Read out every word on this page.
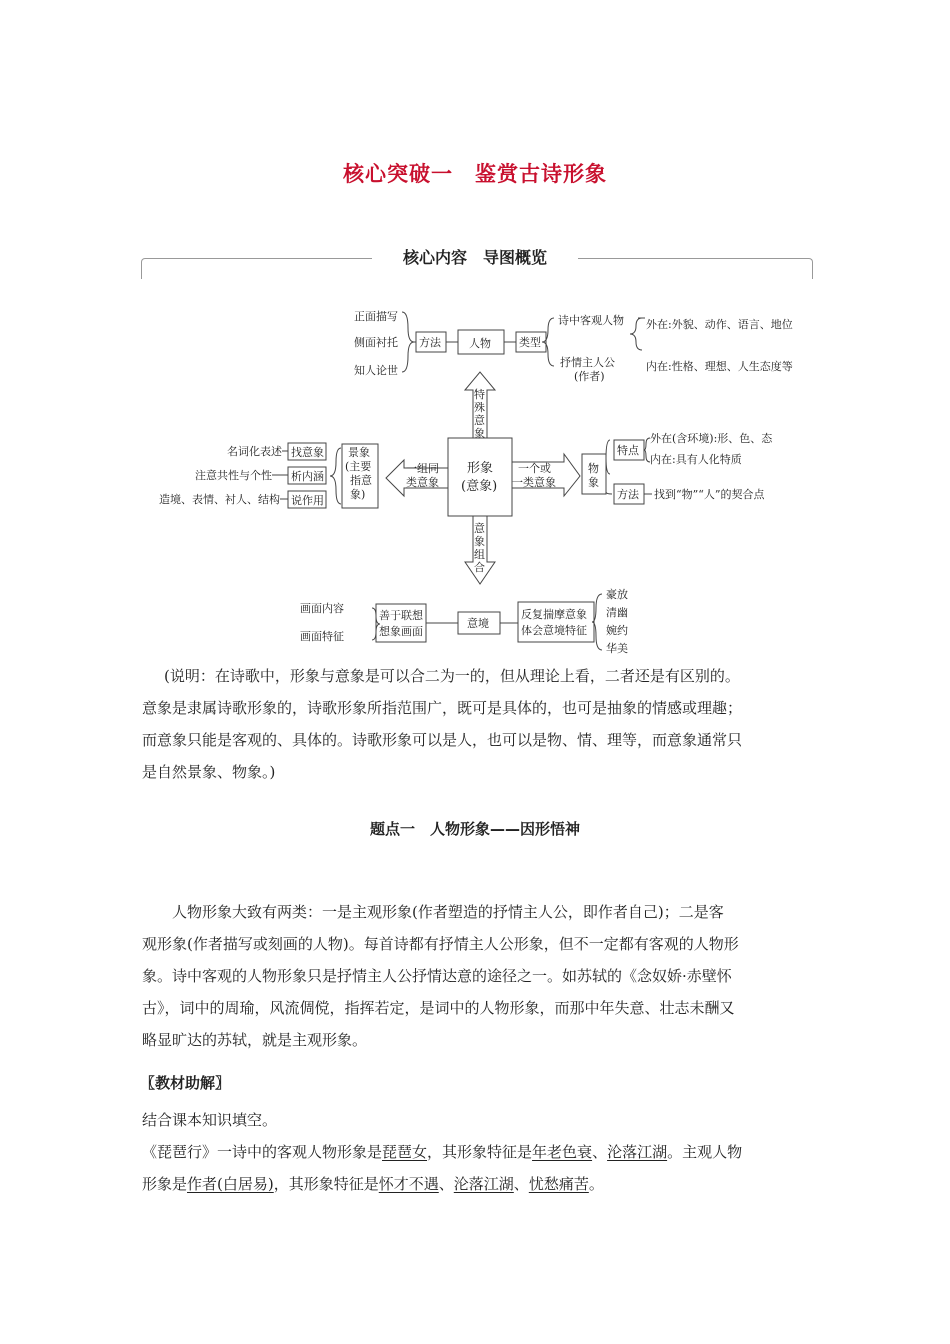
核心突破一　鉴赏古诗形象
核心内容　导图概览
正面描写
侧面衬托
知人论世
方法	人物	类型
诗中客观人物
抒情主人公
(作者)
外在:外貌、动作、语言、地位
内在:性格、理想、人生态度等
特
殊
意
象
形象
(意象)
一组同
类意象
一个或
一类意象
景象
(主要
指意
象)
找意象
析内涵
说作用
名词化表述
注意共性与个性
造境、表情、衬人、结构
物
象
特点
方法
外在(含环境):形、色、态
内在:具有人化特质
找到“物”“人”的契合点
意
象
组
合
画面内容
画面特征
善于联想
想象画面
意境
反复揣摩意象
体会意境特征
豪放
清幽
婉约
华美

(说明：在诗歌中，形象与意象是可以合二为一的，但从理论上看，二者还是有区别的。

意象是隶属诗歌形象的，诗歌形象所指范围广，既可是具体的，也可是抽象的情感或理趣；

而意象只能是客观的、具体的。诗歌形象可以是人，也可以是物、情、理等，而意象通常只

是自然景象、物象。)

题点一　人物形象——因形悟神

　　人物形象大致有两类：一是主观形象(作者塑造的抒情主人公，即作者自己)；二是客

观形象(作者描写或刻画的人物)。每首诗都有抒情主人公形象，但不一定都有客观的人物形

象。诗中客观的人物形象只是抒情主人公抒情达意的途径之一。如苏轼的《念奴娇·赤壁怀

古》，词中的周瑜，风流倜傥，指挥若定，是词中的人物形象，而那中年失意、壮志未酬又

略显旷达的苏轼，就是主观形象。

〖教材助解〗

结合课本知识填空。

《琵琶行》一诗中的客观人物形象是琵琶女，其形象特征是年老色衰、沦落江湖。主观人物

形象是作者(白居易)，其形象特征是怀才不遇、沦落江湖、忧愁痛苦。
